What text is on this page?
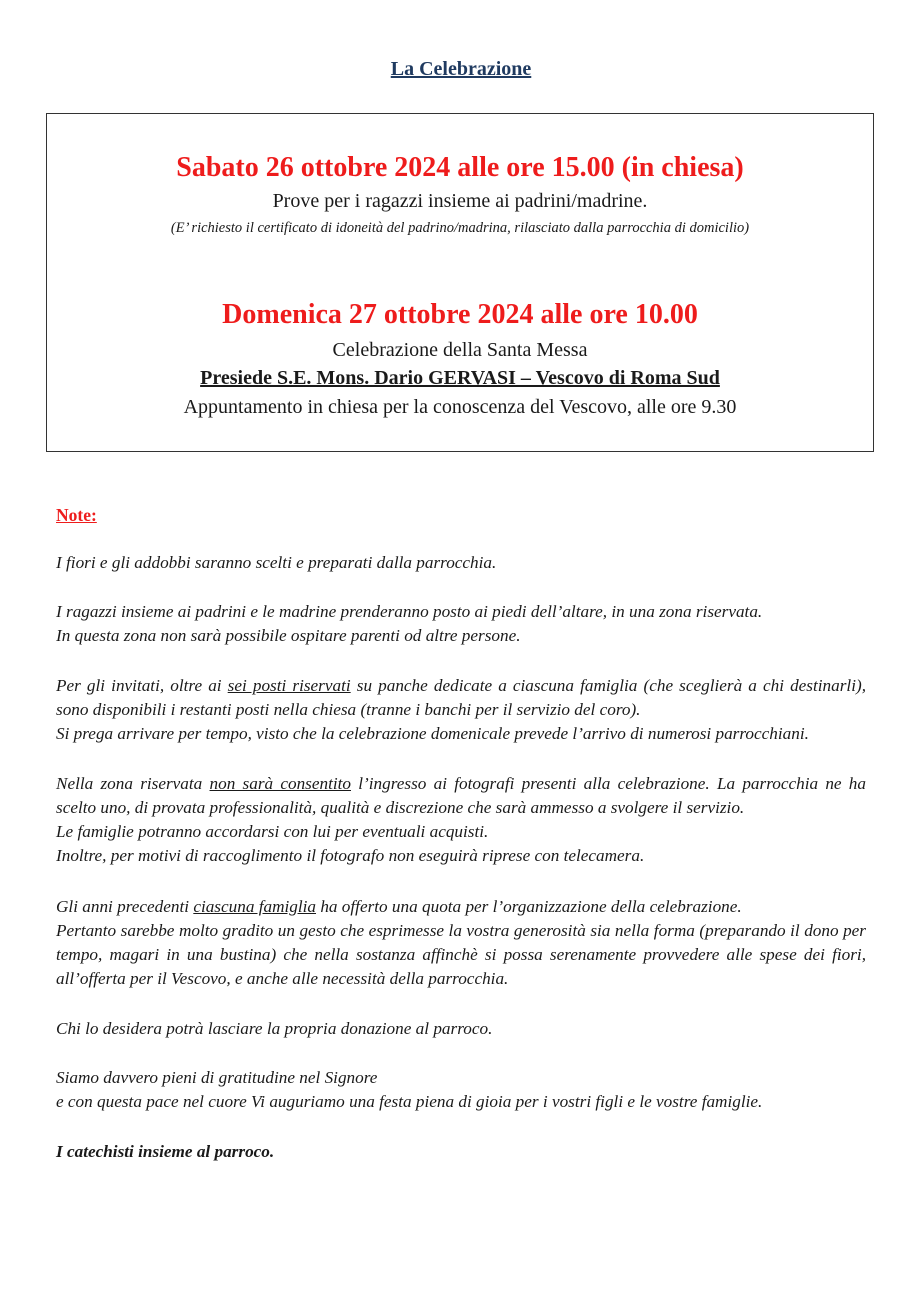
La Celebrazione
Sabato 26 ottobre 2024 alle ore 15.00 (in chiesa)
Prove per i ragazzi insieme ai padrini/madrine.
(E’ richiesto il certificato di idoneità del padrino/madrina, rilasciato dalla parrocchia di domicilio)
Domenica 27 ottobre 2024 alle ore 10.00
Celebrazione della Santa Messa
Presiede S.E. Mons. Dario GERVASI – Vescovo di Roma Sud
Appuntamento in chiesa per la conoscenza del Vescovo, alle ore 9.30
Note:

I fiori e gli addobbi saranno scelti e preparati dalla parrocchia.

I ragazzi insieme ai padrini e le madrine prenderanno posto ai piedi dell’altare, in una zona riservata.

In questa zona non sarà possibile ospitare parenti od altre persone.

Per gli invitati, oltre ai sei posti riservati su panche dedicate a ciascuna famiglia (che sceglierà a chi destinarli), sono disponibili i restanti posti nella chiesa (tranne i banchi per il servizio del coro).

Si prega arrivare per tempo, visto che la celebrazione domenicale prevede l’arrivo di numerosi parrocchiani.

Nella zona riservata non sarà consentito l’ingresso ai fotografi presenti alla celebrazione. La parrocchia ne ha scelto uno, di provata professionalità, qualità e discrezione che sarà ammesso a svolgere il servizio.

Le famiglie potranno accordarsi con lui per eventuali acquisti.

Inoltre, per motivi di raccoglimento il fotografo non eseguirà riprese con telecamera.

Gli anni precedenti ciascuna famiglia ha offerto una quota per l’organizzazione della celebrazione.

Pertanto sarebbe molto gradito un gesto che esprimesse la vostra generosità sia nella forma (preparando il dono per tempo, magari in una bustina) che nella sostanza affinchè si possa serenamente provvedere alle spese dei fiori, all’offerta per il Vescovo, e anche alle necessità della parrocchia.

Chi lo desidera potrà lasciare la propria donazione al parroco.

Siamo davvero pieni di gratitudine nel Signore

e con questa pace nel cuore Vi auguriamo una festa piena di gioia per i vostri figli e le vostre famiglie.

I catechisti insieme al parroco.
